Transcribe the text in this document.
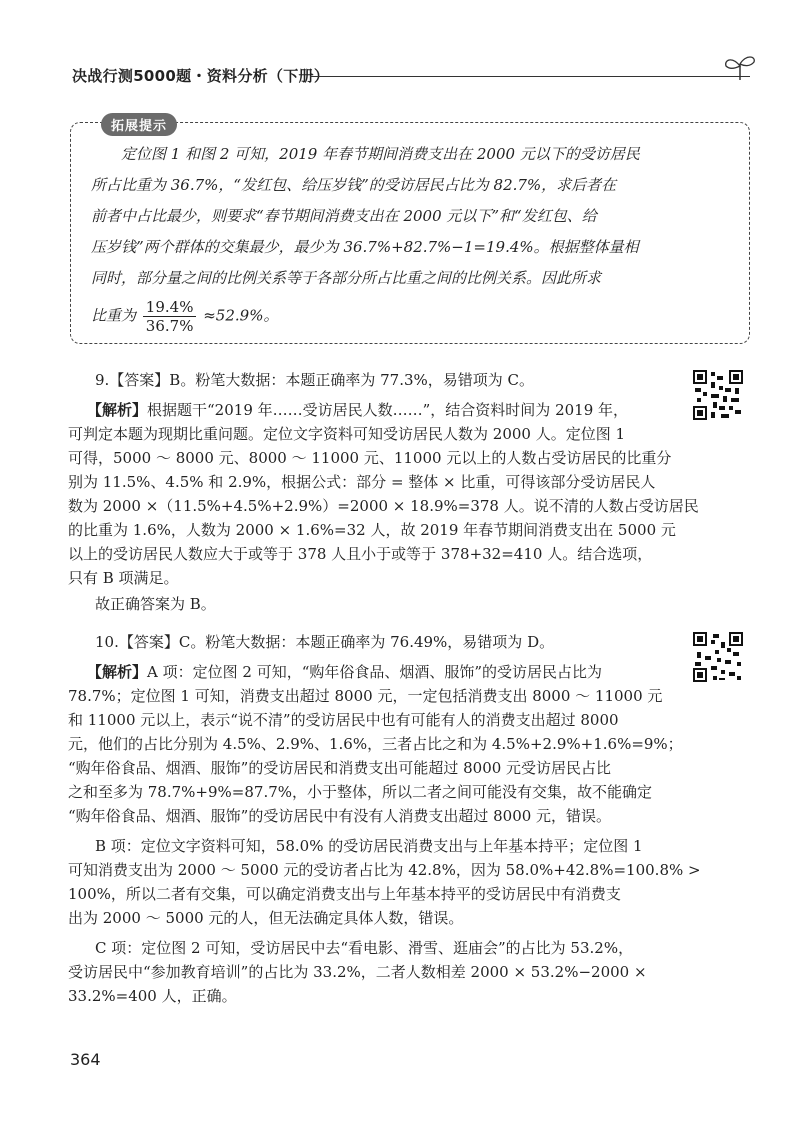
决战行测5000题・资料分析（下册）
拓展提示
定位图 1 和图 2 可知，2019 年春节期间消费支出在 2000 元以下的受访居民
所占比重为 36.7%，“发红包、给压岁钱”的受访居民占比为 82.7%，求后者在
前者中占比最少，则要求“春节期间消费支出在 2000 元以下”和“发红包、给
压岁钱”两个群体的交集最少，最少为 36.7%+82.7%−1=19.4%。根据整体量相
同时，部分量之间的比例关系等于各部分所占比重之间的比例关系。因此所求
比重为 $\frac{19.4\%}{36.7\%} \approx 52.9\%$。
9.【答案】B。粉笔大数据：本题正确率为 77.3%，易错项为 C。
【解析】根据题干“2019 年……受访居民人数……”，结合资料时间为 2019 年，
可判定本题为现期比重问题。定位文字资料可知受访居民人数为 2000 人。定位图 1
可得，5000 ～ 8000 元、8000 ～ 11000 元、11000 元以上的人数占受访居民的比重分
别为 11.5%、4.5% 和 2.9%，根据公式：部分 = 整体 × 比重，可得该部分受访居民人
数为 2000 ×（11.5%+4.5%+2.9%）=2000 × 18.9%=378 人。说不清的人数占受访居民
的比重为 1.6%，人数为 2000 × 1.6%=32 人，故 2019 年春节期间消费支出在 5000 元
以上的受访居民人数应大于或等于 378 人且小于或等于 378+32=410 人。结合选项，
只有 B 项满足。
故正确答案为 B。
10.【答案】C。粉笔大数据：本题正确率为 76.49%，易错项为 D。
【解析】A 项：定位图 2 可知，“购年俗食品、烟酒、服饰”的受访居民占比为
78.7%；定位图 1 可知，消费支出超过 8000 元，一定包括消费支出 8000 ～ 11000 元
和 11000 元以上，表示“说不清”的受访居民中也有可能有人的消费支出超过 8000
元，他们的占比分别为 4.5%、2.9%、1.6%，三者占比之和为 4.5%+2.9%+1.6%=9%；
“购年俗食品、烟酒、服饰”的受访居民和消费支出可能超过 8000 元受访居民占比
之和至多为 78.7%+9%=87.7%，小于整体，所以二者之间可能没有交集，故不能确定
“购年俗食品、烟酒、服饰”的受访居民中有没有人消费支出超过 8000 元，错误。
B 项：定位文字资料可知，58.0% 的受访居民消费支出与上年基本持平；定位图 1
可知消费支出为 2000 ～ 5000 元的受访者占比为 42.8%，因为 58.0%+42.8%=100.8% >
100%，所以二者有交集，可以确定消费支出与上年基本持平的受访居民中有消费支
出为 2000 ～ 5000 元的人，但无法确定具体人数，错误。
C 项：定位图 2 可知，受访居民中去“看电影、滑雪、逛庙会”的占比为 53.2%，
受访居民中“参加教育培训”的占比为 33.2%，二者人数相差 2000 × 53.2%−2000 ×
33.2%=400 人，正确。
364
